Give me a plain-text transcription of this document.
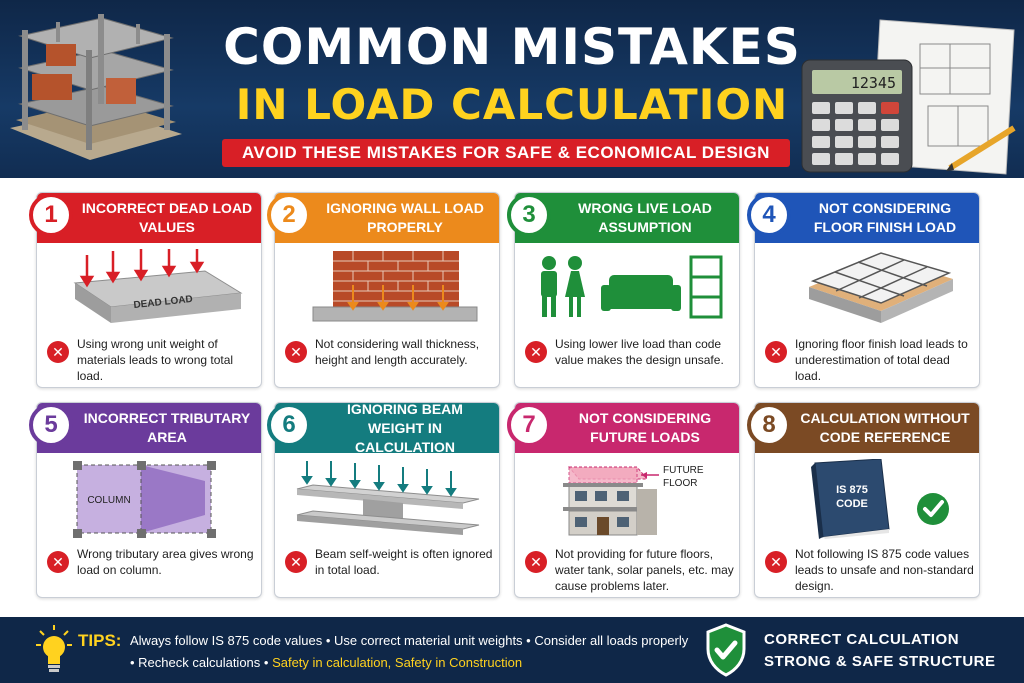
COMMON MISTAKES
IN LOAD CALCULATION
AVOID THESE MISTAKES FOR SAFE & ECONOMICAL DESIGN
12345
INCORRECT DEAD LOAD VALUES
1
DEAD LOAD
✕	Using wrong unit weight of materials leads to wrong total load.
IGNORING WALL LOAD PROPERLY
2
✕	Not considering wall thickness, height and length accurately.
WRONG LIVE LOAD ASSUMPTION
3
✕	Using lower live load than code value makes the design unsafe.
NOT CONSIDERING FLOOR FINISH LOAD
4
✕	Ignoring floor finish load leads to underestimation of total dead load.
INCORRECT TRIBUTARY AREA
5
COLUMN
✕	Wrong tributary area gives wrong load on column.
IGNORING BEAM WEIGHT IN CALCULATION
6
✕	Beam self-weight is often ignored in total load.
NOT CONSIDERING FUTURE LOADS
7
FUTURE
FLOOR
✕	Not providing for future floors, water tank, solar panels, etc. may cause problems later.
CALCULATION WITHOUT CODE REFERENCE
8
IS 875
CODE
✕	Not following IS 875 code values leads to unsafe and non-standard design.
TIPS: Always follow IS 875 code values • Use correct material unit weights • Consider all loads properly
• Recheck calculations • Safety in calculation, Safety in Construction
CORRECT CALCULATION
STRONG & SAFE STRUCTURE
